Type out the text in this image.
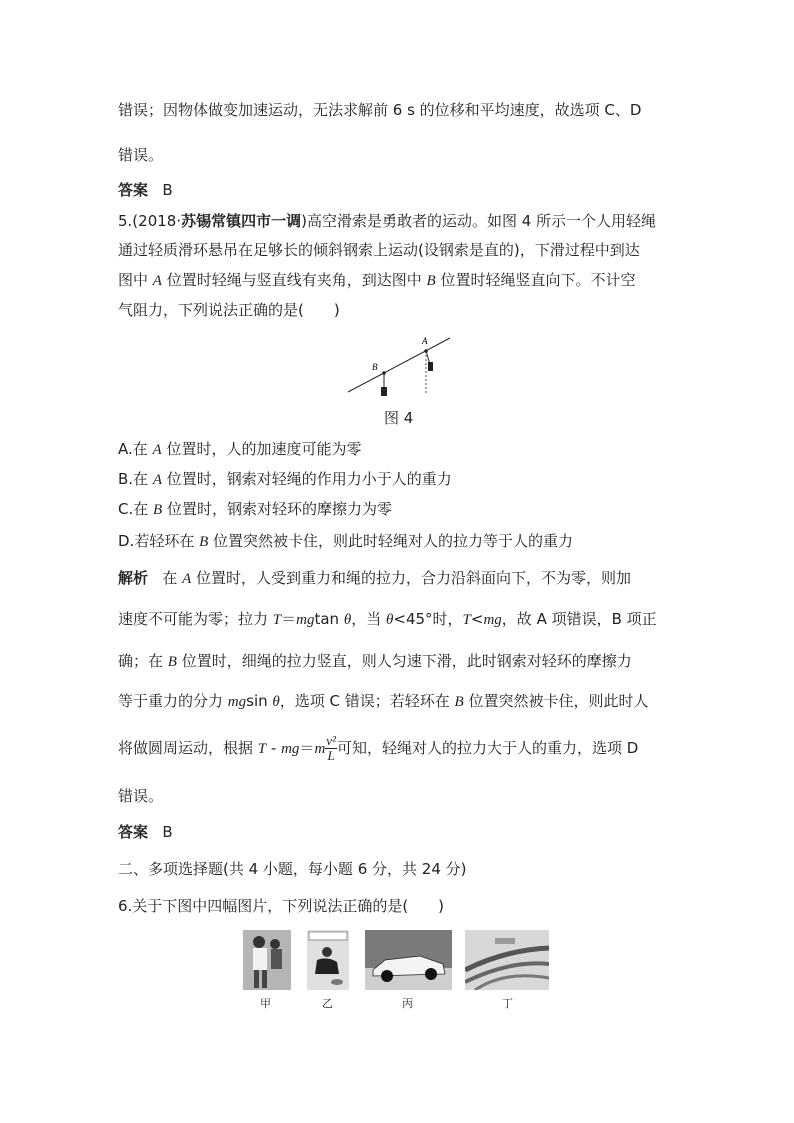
错误；因物体做变加速运动，无法求解前 6 s 的位移和平均速度，故选项 C、D
错误。
答案 B
5.(2018·苏锡常镇四市一调)高空滑索是勇敢者的运动。如图 4 所示一个人用轻绳
通过轻质滑环悬吊在足够长的倾斜钢索上运动(设钢索是直的)，下滑过程中到达
图中 A 位置时轻绳与竖直线有夹角，到达图中 B 位置时轻绳竖直向下。不计空
气阻力，下列说法正确的是(　　)
A
B
图 4
A.在 A 位置时，人的加速度可能为零
B.在 A 位置时，钢索对轻绳的作用力小于人的重力
C.在 B 位置时，钢索对轻环的摩擦力为零
D.若轻环在 B 位置突然被卡住，则此时轻绳对人的拉力等于人的重力
解析 在 A 位置时，人受到重力和绳的拉力，合力沿斜面向下，不为零，则加
速度不可能为零；拉力 T＝mgtan θ，当 θ<45°时，T<mg，故 A 项错误，B 项正
确；在 B 位置时，细绳的拉力竖直，则人匀速下滑，此时钢索对轻环的摩擦力
等于重力的分力 mgsin θ，选项 C 错误；若轻环在 B 位置突然被卡住，则此时人
将做圆周运动，根据 $T - mg=m \frac{\text{v²}}{L}$ 可知，轻绳对人的拉力大于人的重力，选项 D
错误。
答案 B
二、多项选择题(共 4 小题，每小题 6 分，共 24 分)
6.关于下图中四幅图片，下列说法正确的是(　　)
甲	乙	丙	丁
